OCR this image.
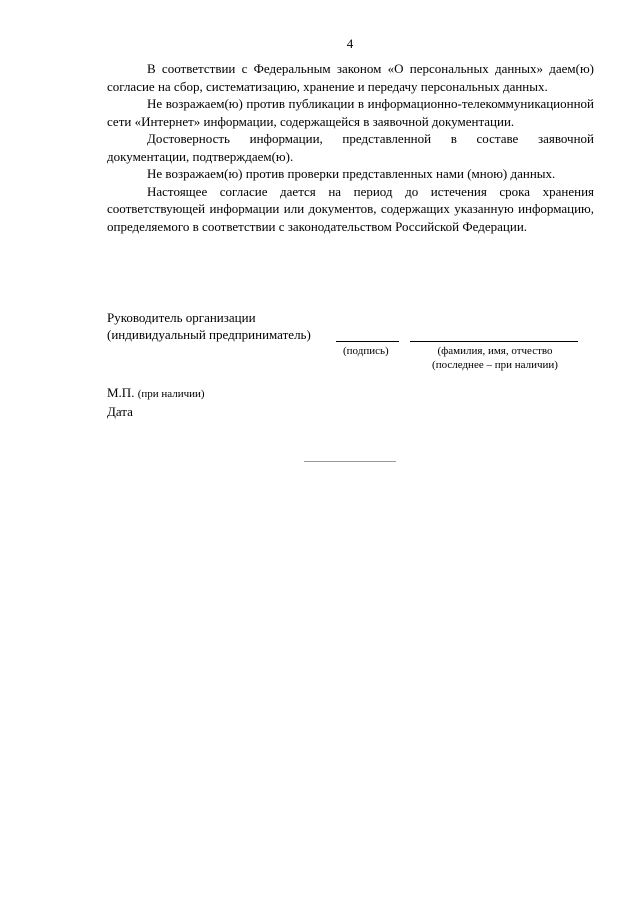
4

В соответствии с Федеральным законом «О персональных данных» даем(ю) согласие на сбор, систематизацию, хранение и передачу персональных данных.

Не возражаем(ю) против публикации в информационно-телекоммуникационной сети «Интернет» информации, содержащейся в заявочной документации.

Достоверность информации, представленной в составе заявочной документации, подтверждаем(ю).

Не возражаем(ю) против проверки представленных нами (мною) данных.

Настоящее согласие дается на период до истечения срока хранения соответствующей информации или документов, содержащих указанную информацию, определяемого в соответствии с законодательством Российской Федерации.

Руководитель организации
(индивидуальный предприниматель)
(подпись)	(фамилия, имя, отчество
(последнее – при наличии)
М.П. (при наличии)
Дата
